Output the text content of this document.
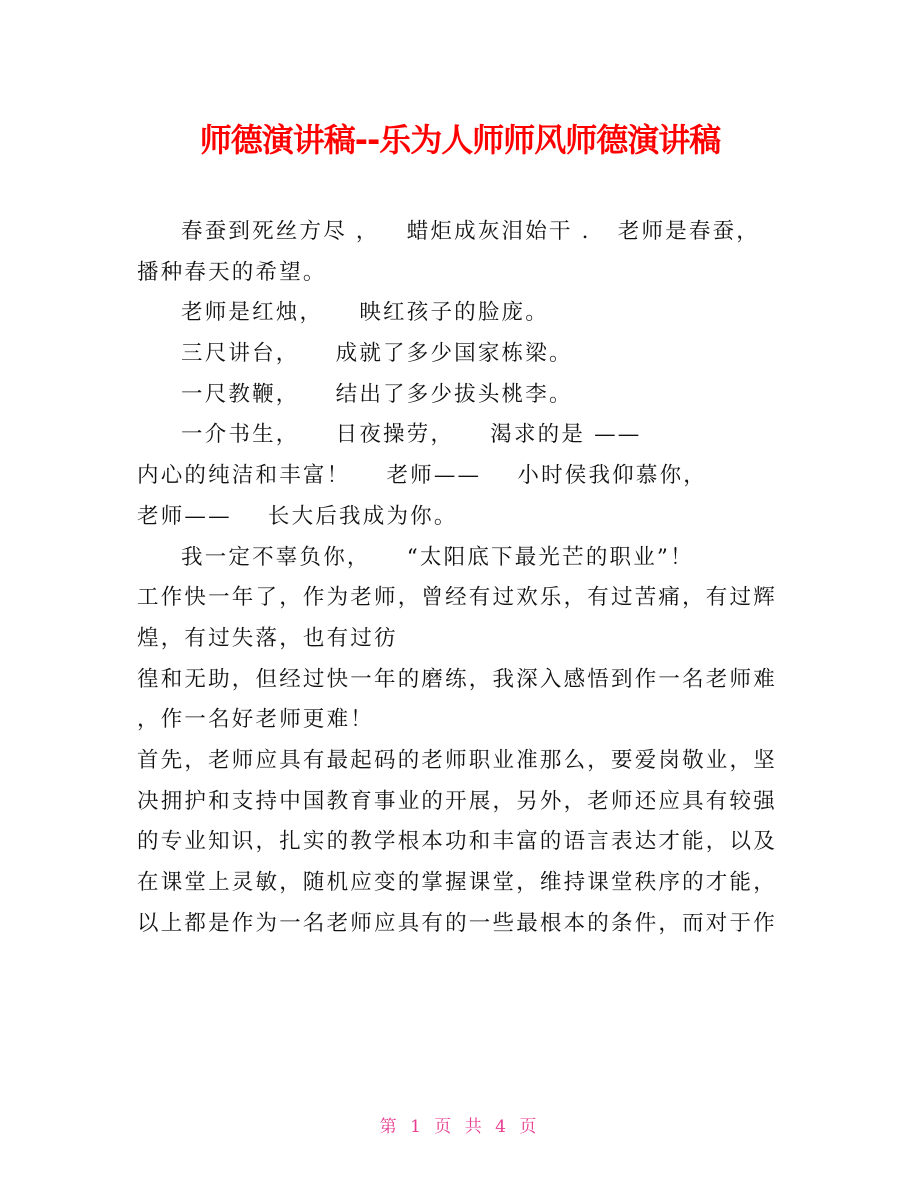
师德演讲稿--乐为人师师风师德演讲稿
春蚕到死丝方尽 ，   蜡炬成灰泪始干 .   老师是春蚕，
播种春天的希望。
老师是红烛，    映红孩子的脸庞。
三尺讲台，    成就了多少国家栋梁。
一尺教鞭，    结出了多少拔头桃李。
一介书生，    日夜操劳，    渴求的是 ——
内心的纯洁和丰富！    老师——    小时侯我仰慕你，
老师——    长大后我成为你。
我一定不辜负你，    “太阳底下最光芒的职业”！
工作快一年了，作为老师，曾经有过欢乐，有过苦痛，有过辉
煌，有过失落，也有过彷
徨和无助，但经过快一年的磨练，我深入感悟到作一名老师难
，作一名好老师更难！
首先，老师应具有最起码的老师职业准那么，要爱岗敬业，坚
决拥护和支持中国教育事业的开展，另外，老师还应具有较强
的专业知识，扎实的教学根本功和丰富的语言表达才能，以及
在课堂上灵敏，随机应变的掌握课堂，维持课堂秩序的才能，
以上都是作为一名老师应具有的一些最根本的条件，而对于作
第 1 页 共 4 页
